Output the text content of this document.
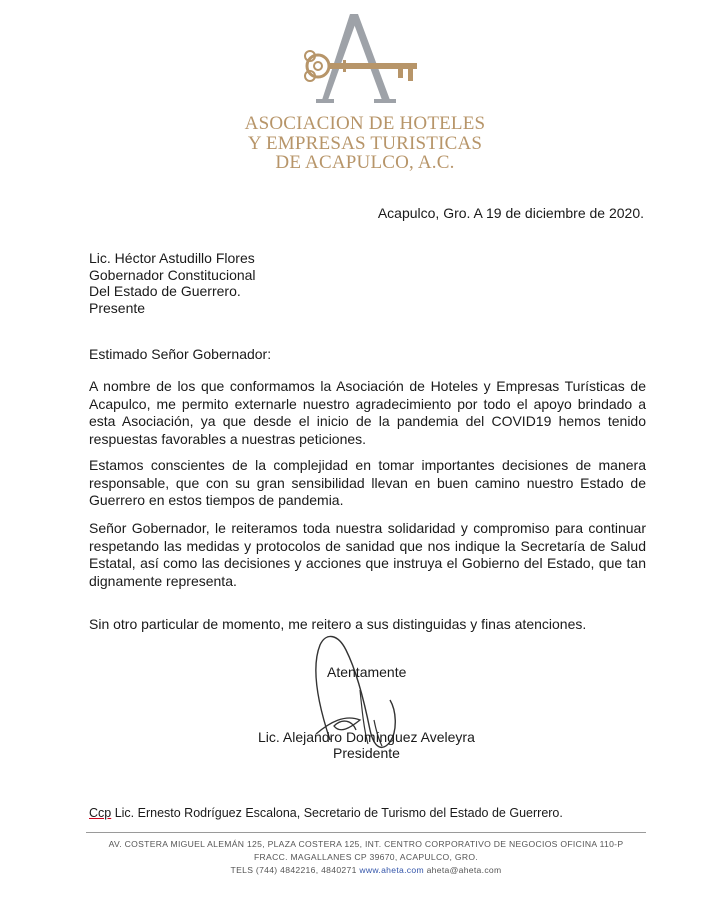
ASOCIACION DE HOTELES
Y EMPRESAS TURISTICAS
DE ACAPULCO, A.C.
Acapulco, Gro. A 19 de diciembre de 2020.
Lic. Héctor Astudillo Flores
Gobernador Constitucional
Del Estado de Guerrero.
Presente
Estimado Señor Gobernador:
A nombre de los que conformamos la Asociación de Hoteles y Empresas Turísticas de Acapulco, me permito externarle nuestro agradecimiento por todo el apoyo brindado a esta Asociación, ya que desde el inicio de la pandemia del COVID19 hemos tenido respuestas favorables a nuestras peticiones.
Estamos conscientes de la complejidad en tomar importantes decisiones de manera responsable, que con su gran sensibilidad llevan en buen camino nuestro Estado de Guerrero en estos tiempos de pandemia.
Señor Gobernador, le reiteramos toda nuestra solidaridad y compromiso para continuar respetando las medidas y protocolos de sanidad que nos indique la Secretaría de Salud Estatal, así como las decisiones y acciones que instruya el Gobierno del Estado, que tan dignamente representa.
Sin otro particular de momento, me reitero a sus distinguidas y finas atenciones.
Atentamente
Lic. Alejandro Domínguez Aveleyra
Presidente
Ccp Lic. Ernesto Rodríguez Escalona, Secretario de Turismo del Estado de Guerrero.
AV. COSTERA MIGUEL ALEMÁN 125, PLAZA COSTERA 125, INT. CENTRO CORPORATIVO DE NEGOCIOS OFICINA 110-P
FRACC. MAGALLANES CP 39670, ACAPULCO, GRO.
TELS (744) 4842216, 4840271 www.aheta.com aheta@aheta.com
